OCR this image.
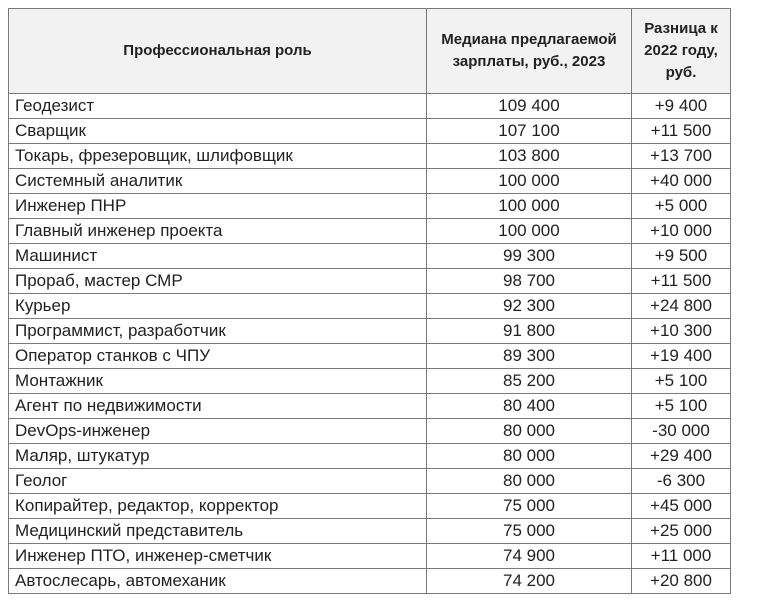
Профессиональная роль	Медиана предлагаемой зарплаты, руб., 2023	Разница к 2022 году, руб.
Геодезист	109 400	+9 400
Сварщик	107 100	+11 500
Токарь, фрезеровщик, шлифовщик	103 800	+13 700
Системный аналитик	100 000	+40 000
Инженер ПНР	100 000	+5 000
Главный инженер проекта	100 000	+10 000
Машинист	99 300	+9 500
Прораб, мастер СМР	98 700	+11 500
Курьер	92 300	+24 800
Программист, разработчик	91 800	+10 300
Оператор станков с ЧПУ	89 300	+19 400
Монтажник	85 200	+5 100
Агент по недвижимости	80 400	+5 100
DevOps-инженер	80 000	-30 000
Маляр, штукатур	80 000	+29 400
Геолог	80 000	-6 300
Копирайтер, редактор, корректор	75 000	+45 000
Медицинский представитель	75 000	+25 000
Инженер ПТО, инженер-сметчик	74 900	+11 000
Автослесарь, автомеханик	74 200	+20 800
